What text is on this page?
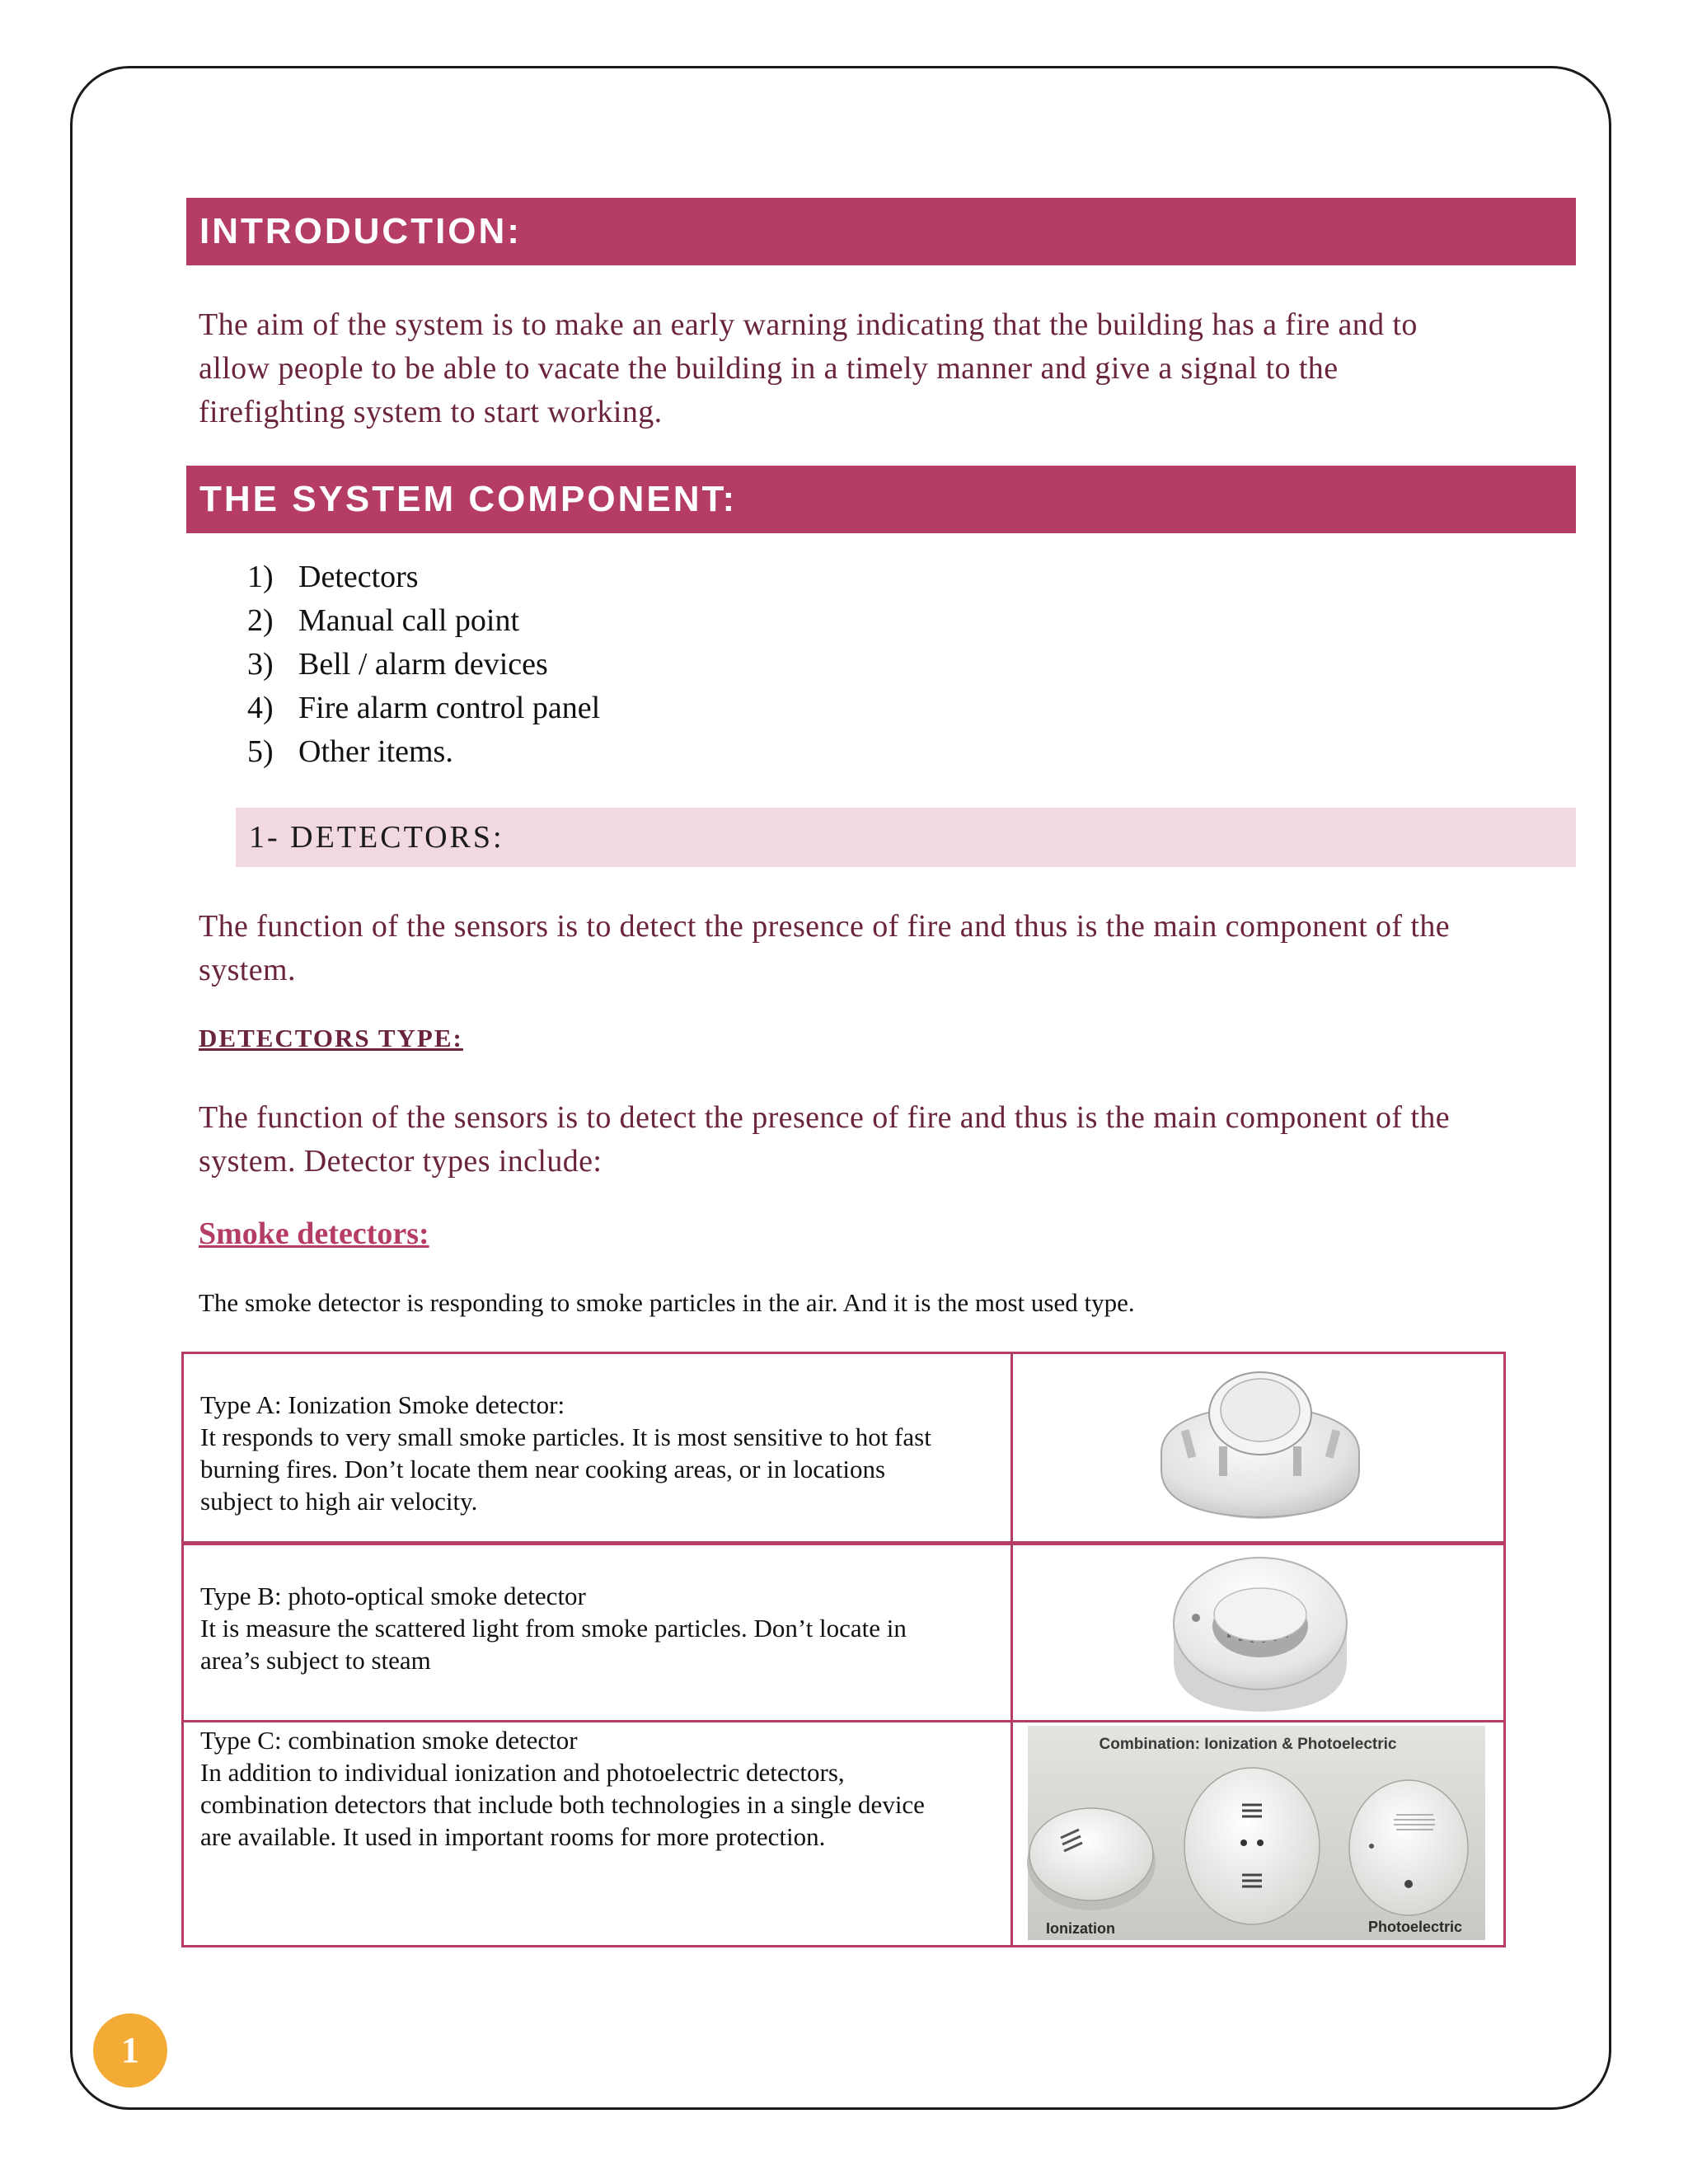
INTRODUCTION:
The aim of the system is to make an early warning indicating that the building has a fire and to
allow people to be able to vacate the building in a timely manner and give a signal to the
firefighting system to start working.
THE SYSTEM COMPONENT:
1) Detectors
2) Manual call point
3) Bell / alarm devices
4) Fire alarm control panel
5) Other items.
1- DETECTORS:
The function of the sensors is to detect the presence of fire and thus is the main component of the
system.
DETECTORS TYPE:
The function of the sensors is to detect the presence of fire and thus is the main component of the
system. Detector types include:
Smoke detectors:
The smoke detector is responding to smoke particles in the air. And it is the most used type.
Type A: Ionization Smoke detector:
It responds to very small smoke particles. It is most sensitive to hot fast
burning fires. Don’t locate them near cooking areas, or in locations
subject to high air velocity.
Type B: photo-optical smoke detector
It is measure the scattered light from smoke particles. Don’t locate in
area’s subject to steam
Type C: combination smoke detector
In addition to individual ionization and photoelectric detectors,
combination detectors that include both technologies in a single device
are available. It used in important rooms for more protection.
Combination: Ionization & Photoelectric
Ionization	Photoelectric
1
